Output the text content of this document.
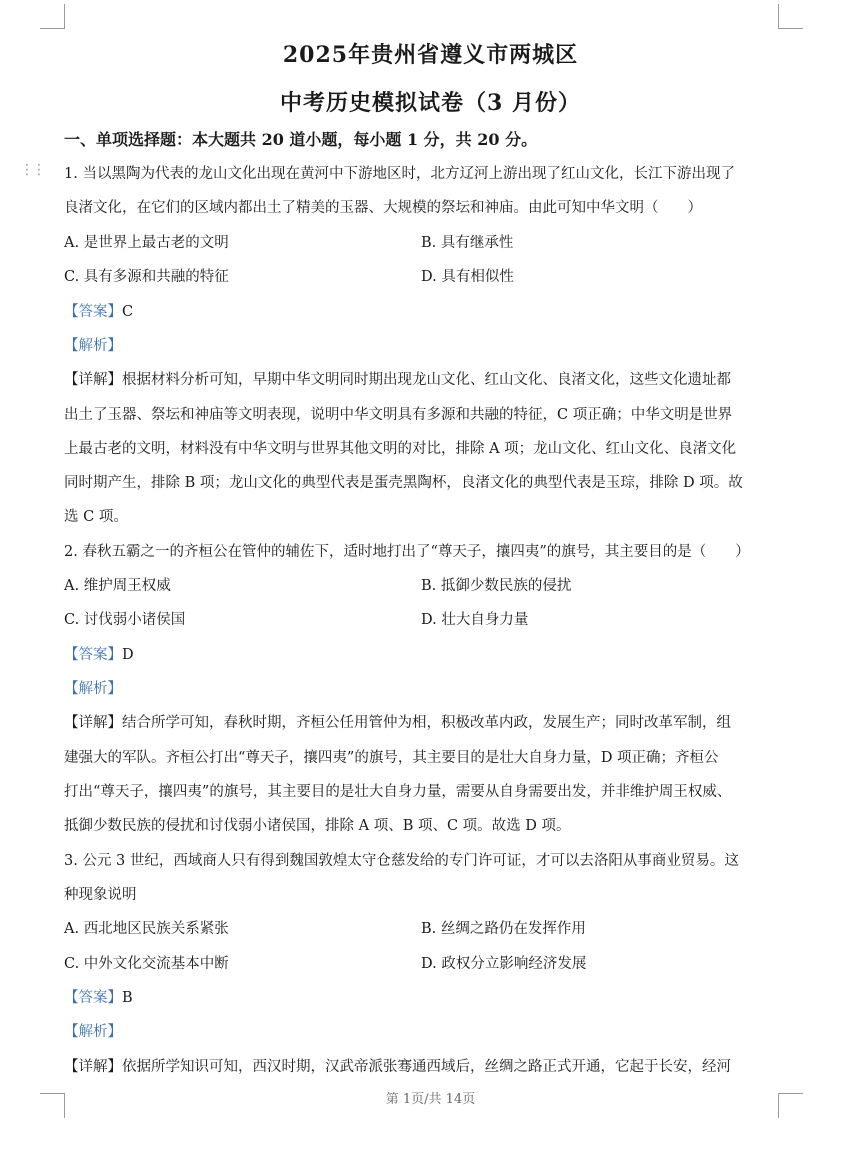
2025年贵州省遵义市两城区
中考历史模拟试卷（3 月份）
一、单项选择题：本大题共 20 道小题，每小题 1 分，共 20 分。
⋮⋮ 1. 当以黑陶为代表的龙山文化出现在黄河中下游地区时，北方辽河上游出现了红山文化，长江下游出现了
良渚文化，在它们的区域内都出土了精美的玉器、大规模的祭坛和神庙。由此可知中华文明（　　）
A. 是世界上最古老的文明	B. 具有继承性
C. 具有多源和共融的特征	D. 具有相似性
【答案】C
【解析】
【详解】根据材料分析可知，早期中华文明同时期出现龙山文化、红山文化、良渚文化，这些文化遗址都
出土了玉器、祭坛和神庙等文明表现，说明中华文明具有多源和共融的特征，C 项正确；中华文明是世界
上最古老的文明，材料没有中华文明与世界其他文明的对比，排除 A 项；龙山文化、红山文化、良渚文化
同时期产生，排除 B 项；龙山文化的典型代表是蛋壳黑陶杯，良渚文化的典型代表是玉琮，排除 D 项。故
选 C 项。
2. 春秋五霸之一的齐桓公在管仲的辅佐下，适时地打出了“尊天子，攘四夷”的旗号，其主要目的是（　　）
A. 维护周王权威	B. 抵御少数民族的侵扰
C. 讨伐弱小诸侯国	D. 壮大自身力量
【答案】D
【解析】
【详解】结合所学可知，春秋时期，齐桓公任用管仲为相，积极改革内政，发展生产；同时改革军制，组
建强大的军队。齐桓公打出“尊天子，攘四夷”的旗号，其主要目的是壮大自身力量，D 项正确；齐桓公
打出“尊天子，攘四夷”的旗号，其主要目的是壮大自身力量，需要从自身需要出发，并非维护周王权威、
抵御少数民族的侵扰和讨伐弱小诸侯国，排除 A 项、B 项、C 项。故选 D 项。
3. 公元 3 世纪，西域商人只有得到魏国敦煌太守仓慈发给的专门许可证，才可以去洛阳从事商业贸易。这
种现象说明
A. 西北地区民族关系紧张	B. 丝绸之路仍在发挥作用
C. 中外文化交流基本中断	D. 政权分立影响经济发展
【答案】B
【解析】
【详解】依据所学知识可知，西汉时期，汉武帝派张骞通西域后，丝绸之路正式开通，它起于长安，经河
第 1页/共 14页
